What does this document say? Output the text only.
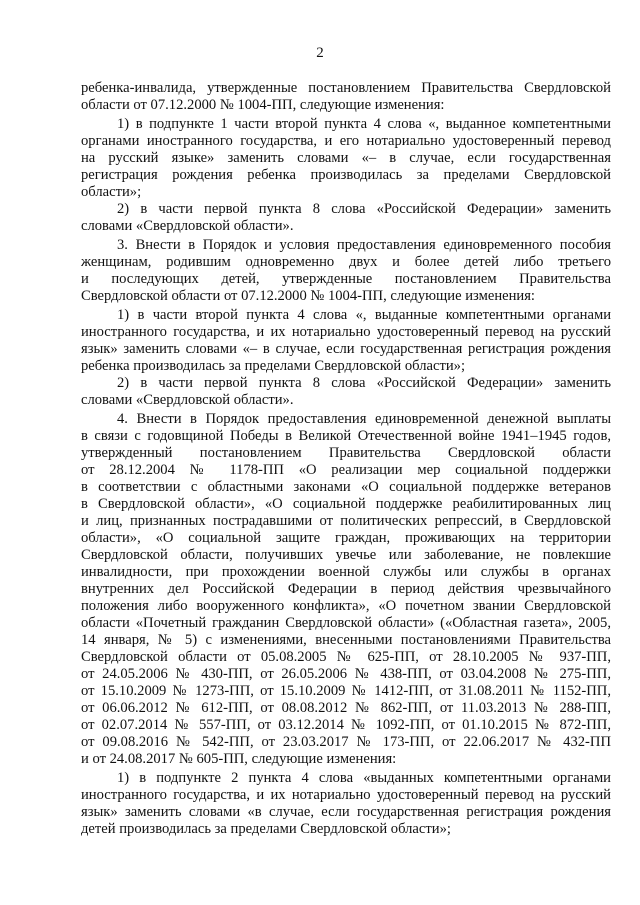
2
ребенка-инвалида, утвержденные постановлением Правительства Свердловской
области от 07.12.2000 № 1004-ПП, следующие изменения:
1) в подпункте 1 части второй пункта 4 слова «, выданное компетентными
органами иностранного государства, и его нотариально удостоверенный перевод
на русский языке» заменить словами «– в случае, если государственная
регистрация рождения ребенка производилась за пределами Свердловской
области»;
2) в части первой пункта 8 слова «Российской Федерации» заменить
словами «Свердловской области».
3. Внести в Порядок и условия предоставления единовременного пособия
женщинам, родившим одновременно двух и более детей либо третьего
и последующих детей, утвержденные постановлением Правительства
Свердловской области от 07.12.2000 № 1004-ПП, следующие изменения:
1) в части второй пункта 4 слова «, выданные компетентными органами
иностранного государства, и их нотариально удостоверенный перевод на русский
язык» заменить словами «– в случае, если государственная регистрация рождения
ребенка производилась за пределами Свердловской области»;
2) в части первой пункта 8 слова «Российской Федерации» заменить
словами «Свердловской области».
4. Внести в Порядок предоставления единовременной денежной выплаты
в связи с годовщиной Победы в Великой Отечественной войне 1941–1945 годов,
утвержденный постановлением Правительства Свердловской области
от 28.12.2004 № 1178-ПП «О реализации мер социальной поддержки
в соответствии с областными законами «О социальной поддержке ветеранов
в Свердловской области», «О социальной поддержке реабилитированных лиц
и лиц, признанных пострадавшими от политических репрессий, в Свердловской
области», «О социальной защите граждан, проживающих на территории
Свердловской области, получивших увечье или заболевание, не повлекшие
инвалидности, при прохождении военной службы или службы в органах
внутренних дел Российской Федерации в период действия чрезвычайного
положения либо вооруженного конфликта», «О почетном звании Свердловской
области «Почетный гражданин Свердловской области» («Областная газета», 2005,
14 января, № 5) с изменениями, внесенными постановлениями Правительства
Свердловской области от 05.08.2005 № 625-ПП, от 28.10.2005 № 937-ПП,
от 24.05.2006 № 430-ПП, от 26.05.2006 № 438-ПП, от 03.04.2008 № 275-ПП,
от 15.10.2009 № 1273-ПП, от 15.10.2009 № 1412-ПП, от 31.08.2011 № 1152-ПП,
от 06.06.2012 № 612-ПП, от 08.08.2012 № 862-ПП, от 11.03.2013 № 288-ПП,
от 02.07.2014 № 557-ПП, от 03.12.2014 № 1092-ПП, от 01.10.2015 № 872-ПП,
от 09.08.2016 № 542-ПП, от 23.03.2017 № 173-ПП, от 22.06.2017 № 432-ПП
и от 24.08.2017 № 605-ПП, следующие изменения:
1) в подпункте 2 пункта 4 слова «выданных компетентными органами
иностранного государства, и их нотариально удостоверенный перевод на русский
язык» заменить словами «в случае, если государственная регистрация рождения
детей производилась за пределами Свердловской области»;
